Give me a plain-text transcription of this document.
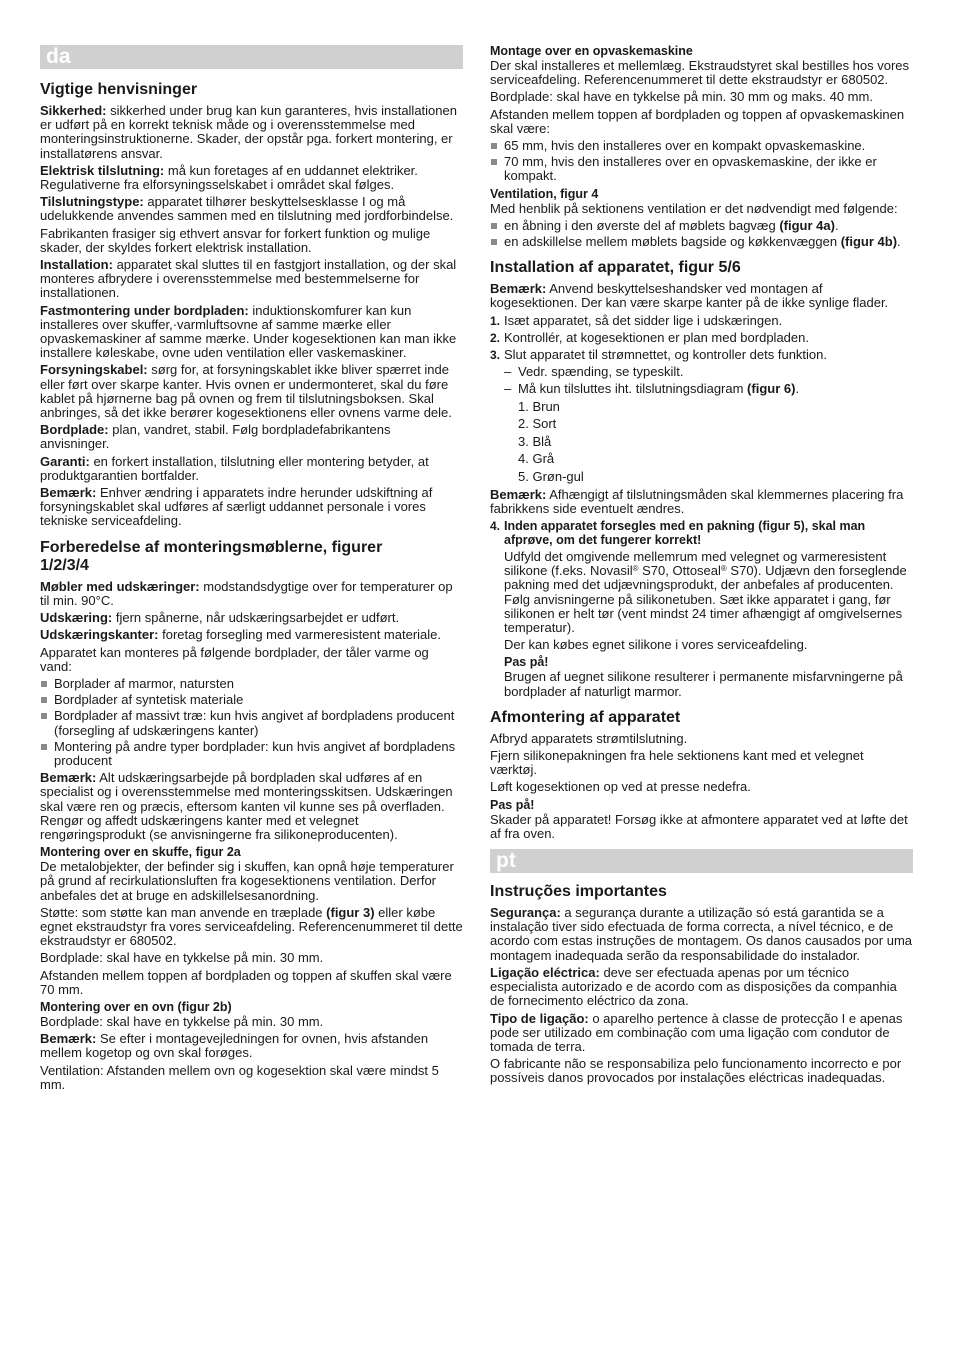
da
Vigtige henvisninger

Sikkerhed: sikkerhed under brug kan kun garanteres, hvis installationen er udført på en korrekt teknisk måde og i overensstemmelse med monteringsinstruktionerne. Skader, der opstår pga. forkert montering, er installatørens ansvar.

Elektrisk tilslutning: må kun foretages af en uddannet elektriker. Regulativerne fra elforsyningsselskabet i området skal følges.

Tilslutningstype: apparatet tilhører beskyttelsesklasse I og må udelukkende anvendes sammen med en tilslutning med jordforbindelse.

Fabrikanten frasiger sig ethvert ansvar for forkert funktion og mulige skader, der skyldes forkert elektrisk installation.

Installation: apparatet skal sluttes til en fastgjort installation, og der skal monteres afbrydere i overensstemmelse med bestemmelserne for installationen.

Fastmontering under bordpladen: induktionskomfurer kan kun installeres over skuffer,·varmluftsovne af samme mærke eller opvaskemaskiner af samme mærke. Under kogesektionen kan man ikke installere køleskabe, ovne uden ventilation eller vaskemaskiner.

Forsyningskabel: sørg for, at forsyningskablet ikke bliver spærret inde eller ført over skarpe kanter. Hvis ovnen er undermonteret, skal du føre kablet på hjørnerne bag på ovnen og frem til tilslutningsboksen. Skal anbringes, så det ikke berører kogesektionens eller ovnens varme dele.

Bordplade: plan, vandret, stabil. Følg bordpladefabrikantens anvisninger.

Garanti: en forkert installation, tilslutning eller montering betyder, at produktgarantien bortfalder.

Bemærk: Enhver ændring i apparatets indre herunder udskiftning af forsyningskablet skal udføres af særligt uddannet personale i vores tekniske serviceafdeling.

Forberedelse af monteringsmøblerne, figurer 1/2/3/4

Møbler med udskæringer: modstandsdygtige over for temperaturer op til min. 90°C.

Udskæring: fjern spånerne, når udskæringsarbejdet er udført.

Udskæringskanter: foretag forsegling med varmeresistent materiale.

Apparatet kan monteres på følgende bordplader, der tåler varme og vand:

Borplader af marmor, natursten
Bordplader af syntetisk materiale
Bordplader af massivt træ: kun hvis angivet af bordpladens producent (forsegling af udskæringens kanter)
Montering på andre typer bordplader: kun hvis angivet af bordpladens producent

Bemærk: Alt udskæringsarbejde på bordpladen skal udføres af en specialist og i overensstemmelse med monteringsskitsen. Udskæringen skal være ren og præcis, eftersom kanten vil kunne ses på overfladen. Rengør og affedt udskæringens kanter med et velegnet rengøringsprodukt (se anvisningerne fra silikoneproducenten).

Montering over en skuffe, figur 2a

De metalobjekter, der befinder sig i skuffen, kan opnå høje temperaturer på grund af recirkulationsluften fra kogesektionens ventilation. Derfor anbefales det at bruge en adskillelsesanordning.

Støtte: som støtte kan man anvende en træplade (figur 3) eller købe egnet ekstraudstyr fra vores serviceafdeling. Referencenummeret til dette ekstraudstyr er 680502.

Bordplade: skal have en tykkelse på min. 30 mm.

Afstanden mellem toppen af bordpladen og toppen af skuffen skal være 70 mm.

Montering over en ovn (figur 2b)

Bordplade: skal have en tykkelse på min. 30 mm.

Bemærk: Se efter i montagevejledningen for ovnen, hvis afstanden mellem kogetop og ovn skal forøges.

Ventilation: Afstanden mellem ovn og kogesektion skal være mindst 5 mm.

Montage over en opvaskemaskine

Der skal installeres et mellemlæg. Ekstraudstyret skal bestilles hos vores serviceafdeling. Referencenummeret til dette ekstraudstyr er 680502.

Bordplade: skal have en tykkelse på min. 30 mm og maks. 40 mm.

Afstanden mellem toppen af bordpladen og toppen af opvaskemaskinen skal være:

65 mm, hvis den installeres over en kompakt opvaskemaskine.
70 mm, hvis den installeres over en opvaskemaskine, der ikke er kompakt.
Ventilation, figur 4

Med henblik på sektionens ventilation er det nødvendigt med følgende:

en åbning i den øverste del af møblets bagvæg (figur 4a).
en adskillelse mellem møblets bagside og køkkenvæggen (figur 4b).
Installation af apparatet, figur 5/6

Bemærk: Anvend beskyttelseshandsker ved montagen af kogesektionen. Der kan være skarpe kanter på de ikke synlige flader.

1. Isæt apparatet, så det sidder lige i udskæringen.
2. Kontrollér, at kogesektionen er plan med bordpladen.
3. Slut apparatet til strømnettet, og kontroller dets funktion.
– Vedr. spænding, se typeskilt.
– Må kun tilsluttes iht. tilslutningsdiagram (figur 6).
1. Brun
2. Sort
3. Blå
4. Grå
5. Grøn-gul

Bemærk: Afhængigt af tilslutningsmåden skal klemmernes placering fra fabrikkens side eventuelt ændres.

4. Inden apparatet forsegles med en pakning (figur 5), skal man afprøve, om det fungerer korrekt!

Udfyld det omgivende mellemrum med velegnet og varmeresistent silikone (f.eks. Novasil® S70, Ottoseal® S70). Udjævn den forseglende pakning med det udjævningsprodukt, der anbefales af producenten. Følg anvisningerne på silikonetuben. Sæt ikke apparatet i gang, før silikonen er helt tør (vent mindst 24 timer afhængigt af omgivelsernes temperatur).

Der kan købes egnet silikone i vores serviceafdeling.

Pas på!

Brugen af uegnet silikone resulterer i permanente misfarvningerne på bordplader af naturligt marmor.

Afmontering af apparatet

Afbryd apparatets strømtilslutning.

Fjern silikonepakningen fra hele sektionens kant med et velegnet værktøj.

Løft kogesektionen op ved at presse nedefra.

Pas på!

Skader på apparatet! Forsøg ikke at afmontere apparatet ved at løfte det af fra oven.

pt
Instruções importantes

Segurança: a segurança durante a utilização só está garantida se a instalação tiver sido efectuada de forma correcta, a nível técnico, e de acordo com estas instruções de montagem. Os danos causados por uma montagem inadequada serão da responsabilidade do instalador.

Ligação eléctrica: deve ser efectuada apenas por um técnico especialista autorizado e de acordo com as disposições da companhia de fornecimento eléctrico da zona.

Tipo de ligação: o aparelho pertence à classe de protecção I e apenas pode ser utilizado em combinação com uma ligação com condutor de tomada de terra.

O fabricante não se responsabiliza pelo funcionamento incorrecto e por possíveis danos provocados por instalações eléctricas inadequadas.
